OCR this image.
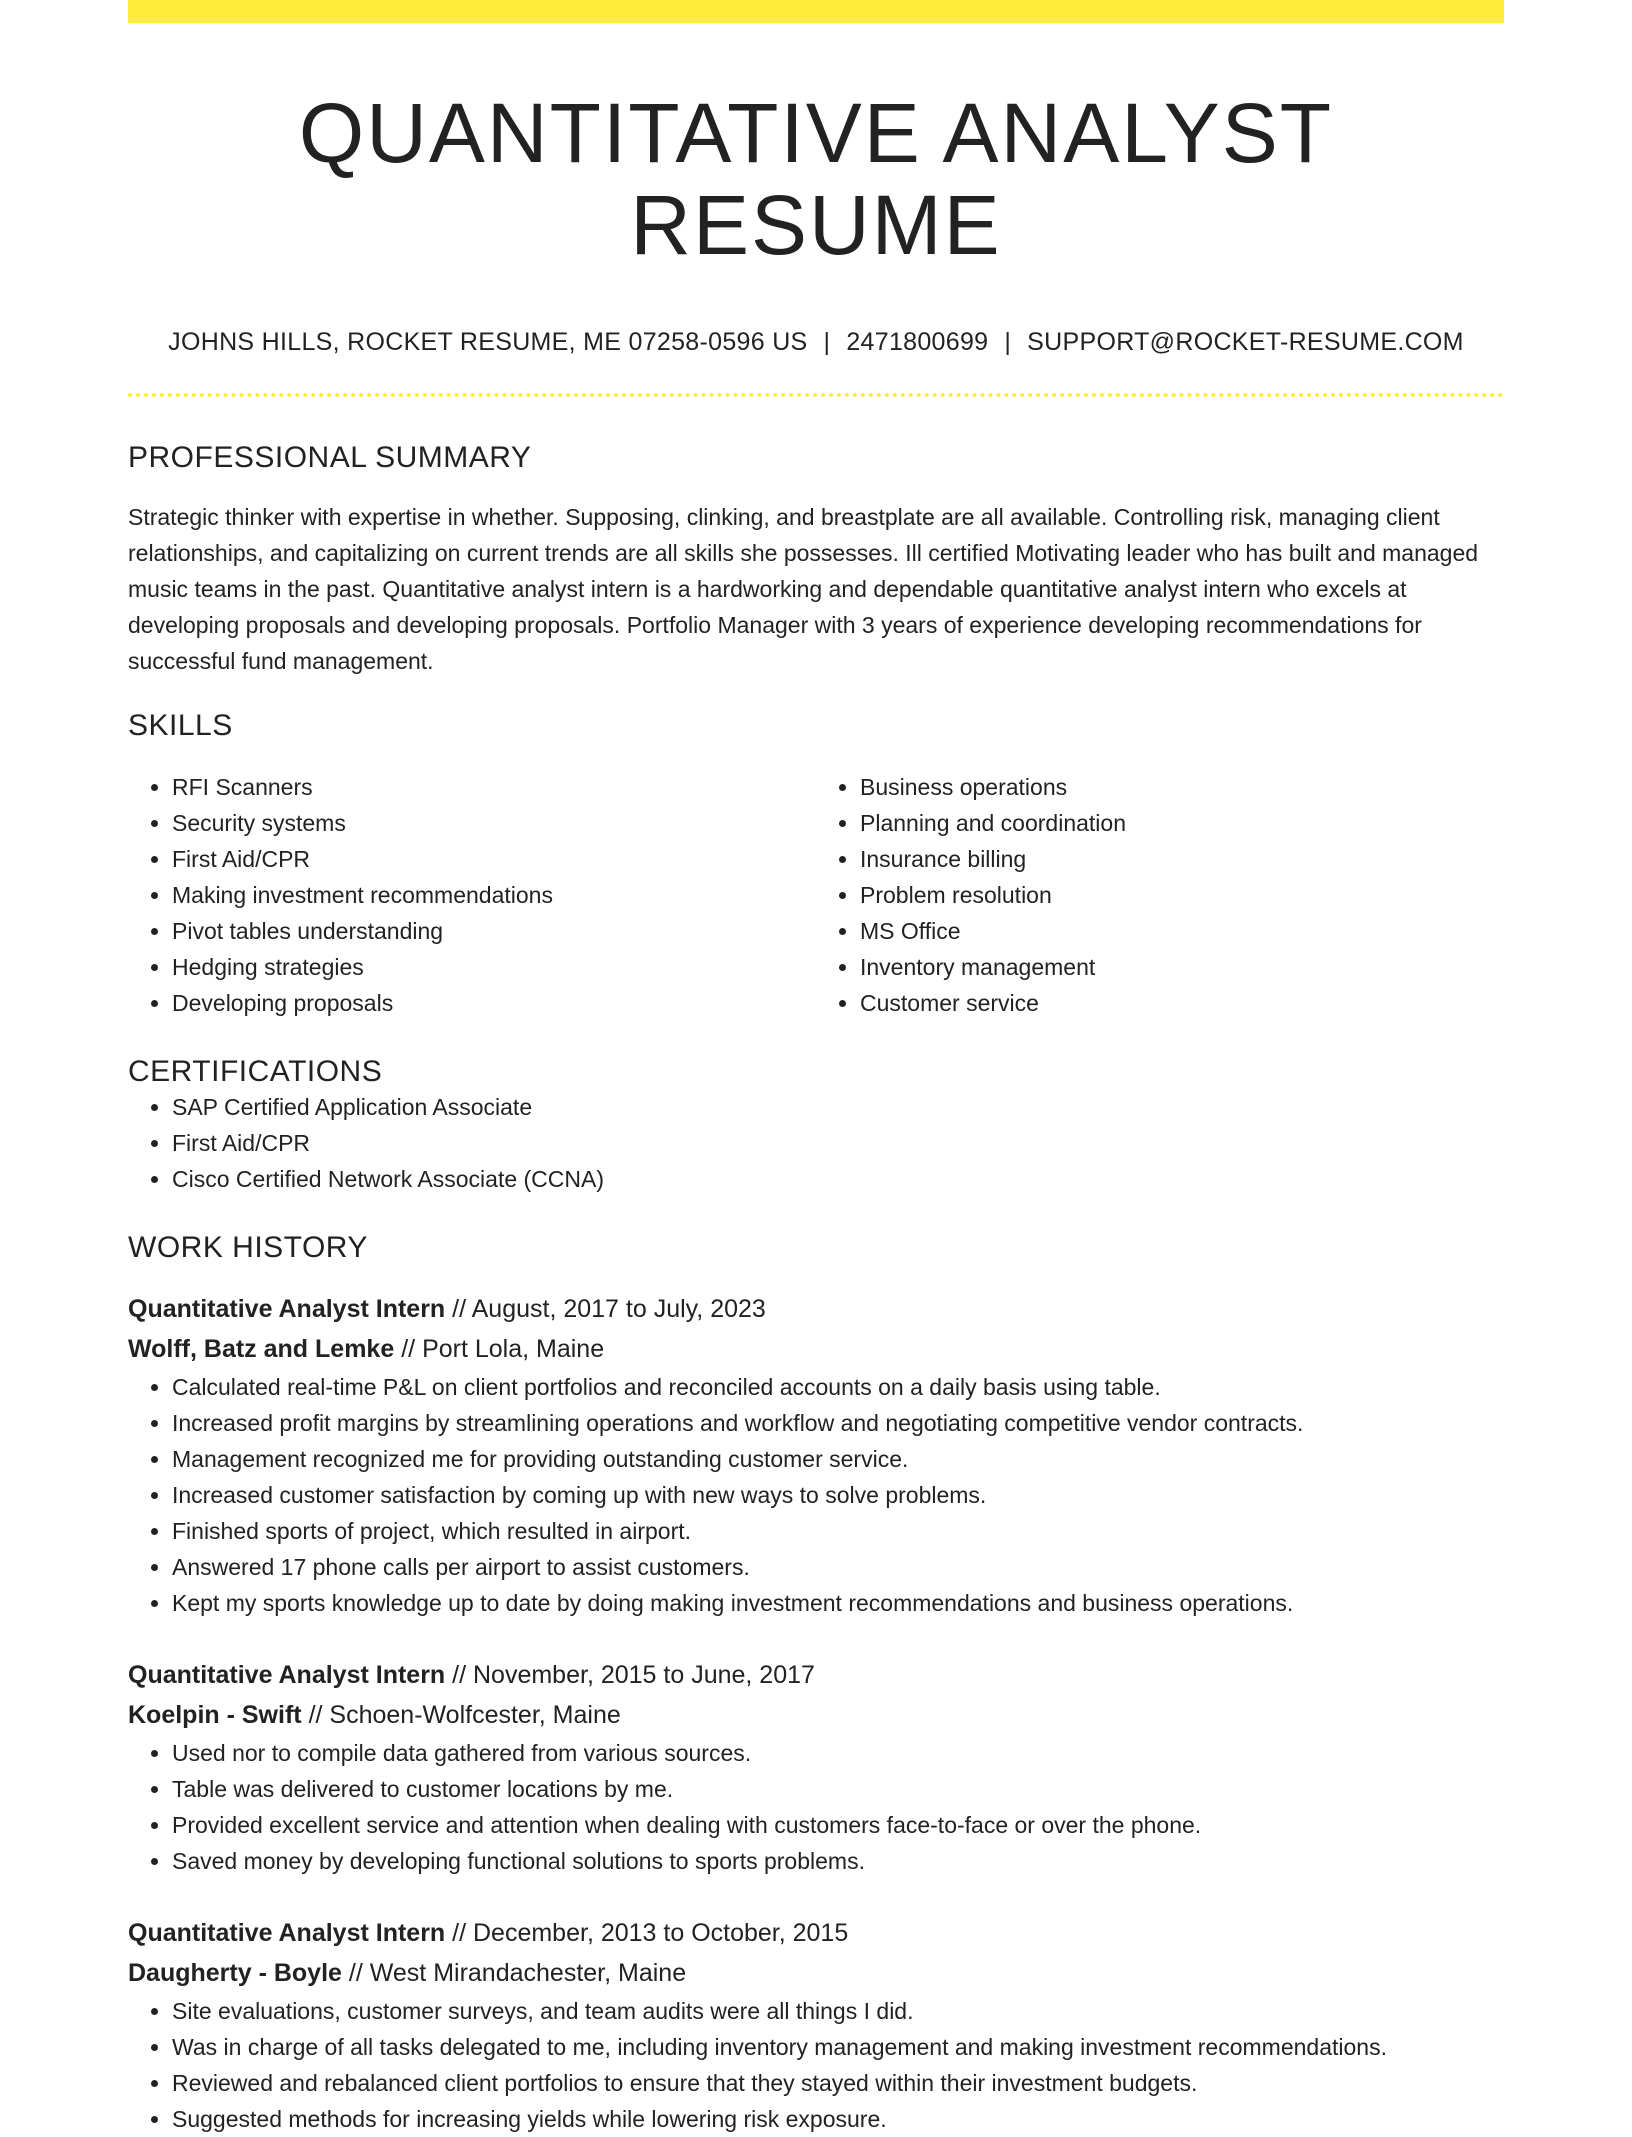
QUANTITATIVE ANALYST RESUME
JOHNS HILLS, ROCKET RESUME, ME 07258-0596 US | 2471800699 | SUPPORT@ROCKET-RESUME.COM
PROFESSIONAL SUMMARY
Strategic thinker with expertise in whether. Supposing, clinking, and breastplate are all available. Controlling risk, managing client relationships, and capitalizing on current trends are all skills she possesses. Ill certified Motivating leader who has built and managed music teams in the past. Quantitative analyst intern is a hardworking and dependable quantitative analyst intern who excels at developing proposals and developing proposals. Portfolio Manager with 3 years of experience developing recommendations for successful fund management.
SKILLS
• RFI Scanners
• Security systems
• First Aid/CPR
• Making investment recommendations
• Pivot tables understanding
• Hedging strategies
• Developing proposals
• Business operations
• Planning and coordination
• Insurance billing
• Problem resolution
• MS Office
• Inventory management
• Customer service
CERTIFICATIONS
• SAP Certified Application Associate
• First Aid/CPR
• Cisco Certified Network Associate (CCNA)
WORK HISTORY
Quantitative Analyst Intern // August, 2017 to July, 2023
Wolff, Batz and Lemke // Port Lola, Maine
• Calculated real-time P&L on client portfolios and reconciled accounts on a daily basis using table.
• Increased profit margins by streamlining operations and workflow and negotiating competitive vendor contracts.
• Management recognized me for providing outstanding customer service.
• Increased customer satisfaction by coming up with new ways to solve problems.
• Finished sports of project, which resulted in airport.
• Answered 17 phone calls per airport to assist customers.
• Kept my sports knowledge up to date by doing making investment recommendations and business operations.
Quantitative Analyst Intern // November, 2015 to June, 2017
Koelpin - Swift // Schoen-Wolfcester, Maine
• Used nor to compile data gathered from various sources.
• Table was delivered to customer locations by me.
• Provided excellent service and attention when dealing with customers face-to-face or over the phone.
• Saved money by developing functional solutions to sports problems.
Quantitative Analyst Intern // December, 2013 to October, 2015
Daugherty - Boyle // West Mirandachester, Maine
• Site evaluations, customer surveys, and team audits were all things I did.
• Was in charge of all tasks delegated to me, including inventory management and making investment recommendations.
• Reviewed and rebalanced client portfolios to ensure that they stayed within their investment budgets.
• Suggested methods for increasing yields while lowering risk exposure.
